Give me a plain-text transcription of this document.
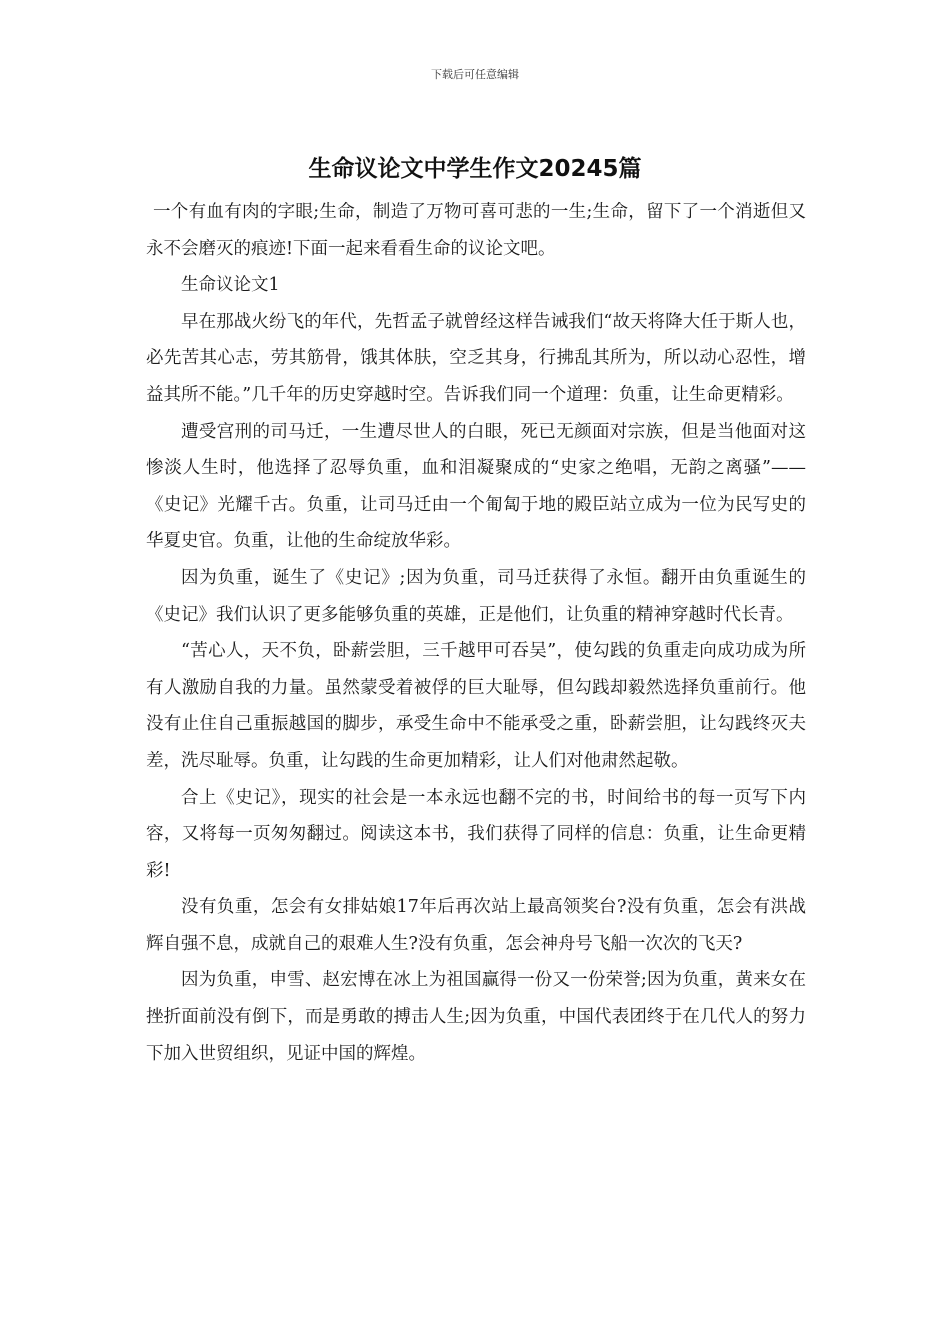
下载后可任意编辑
生命议论文中学生作文20245篇

一个有血有肉的字眼;生命，制造了万物可喜可悲的一生;生命，留下了一个消逝但又永不会磨灭的痕迹!下面一起来看看生命的议论文吧。

生命议论文1

早在那战火纷飞的年代，先哲孟子就曾经这样告诫我们“故天将降大任于斯人也，必先苦其心志，劳其筋骨，饿其体肤，空乏其身，行拂乱其所为，所以动心忍性，增益其所不能。”几千年的历史穿越时空。告诉我们同一个道理：负重，让生命更精彩。

遭受宫刑的司马迁，一生遭尽世人的白眼，死已无颜面对宗族，但是当他面对这惨淡人生时，他选择了忍辱负重，血和泪凝聚成的“史家之绝唱，无韵之离骚”——《史记》光耀千古。负重，让司马迁由一个匍匐于地的殿臣站立成为一位为民写史的华夏史官。负重，让他的生命绽放华彩。

因为负重，诞生了《史记》;因为负重，司马迁获得了永恒。翻开由负重诞生的《史记》我们认识了更多能够负重的英雄，正是他们，让负重的精神穿越时代长青。

“苦心人，天不负，卧薪尝胆，三千越甲可吞吴”，使勾践的负重走向成功成为所有人激励自我的力量。虽然蒙受着被俘的巨大耻辱，但勾践却毅然选择负重前行。他没有止住自己重振越国的脚步，承受生命中不能承受之重，卧薪尝胆，让勾践终灭夫差，洗尽耻辱。负重，让勾践的生命更加精彩，让人们对他肃然起敬。

合上《史记》，现实的社会是一本永远也翻不完的书，时间给书的每一页写下内容，又将每一页匆匆翻过。阅读这本书，我们获得了同样的信息：负重，让生命更精彩!

没有负重，怎会有女排姑娘17年后再次站上最高领奖台?没有负重，怎会有洪战辉自强不息，成就自己的艰难人生?没有负重，怎会神舟号飞船一次次的飞天?

因为负重，申雪、赵宏博在冰上为祖国赢得一份又一份荣誉;因为负重，黄来女在挫折面前没有倒下，而是勇敢的搏击人生;因为负重，中国代表团终于在几代人的努力下加入世贸组织，见证中国的辉煌。
